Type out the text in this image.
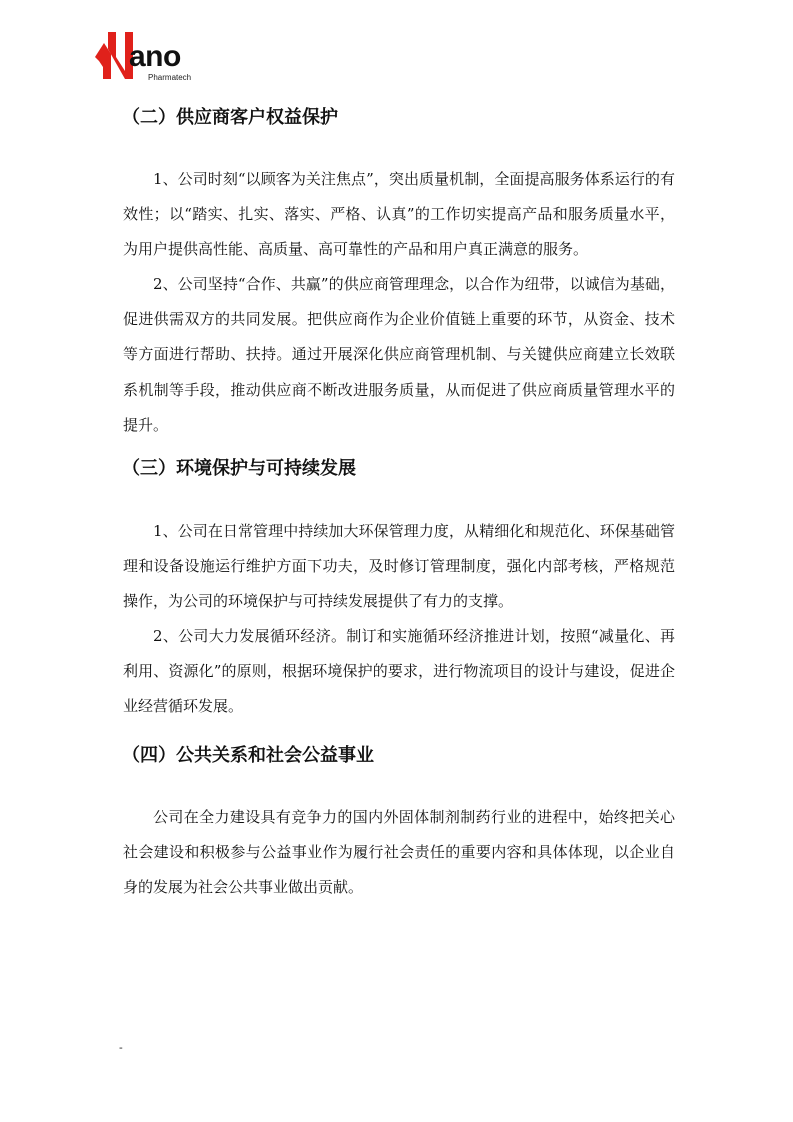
ano
Pharmatech
（二）供应商客户权益保护

1、公司时刻“以顾客为关注焦点”，突出质量机制，全面提高服务体系运行的有效性；以“踏实、扎实、落实、严格、认真”的工作切实提高产品和服务质量水平，为用户提供高性能、高质量、高可靠性的产品和用户真正满意的服务。

2、公司坚持“合作、共赢”的供应商管理理念，以合作为纽带，以诚信为基础，促进供需双方的共同发展。把供应商作为企业价值链上重要的环节，从资金、技术等方面进行帮助、扶持。通过开展深化供应商管理机制、与关键供应商建立长效联系机制等手段，推动供应商不断改进服务质量，从而促进了供应商质量管理水平的提升。

（三）环境保护与可持续发展

1、公司在日常管理中持续加大环保管理力度，从精细化和规范化、环保基础管理和设备设施运行维护方面下功夫，及时修订管理制度，强化内部考核，严格规范操作，为公司的环境保护与可持续发展提供了有力的支撑。

2、公司大力发展循环经济。制订和实施循环经济推进计划，按照“减量化、再利用、资源化”的原则，根据环境保护的要求，进行物流项目的设计与建设，促进企业经营循环发展。

（四）公共关系和社会公益事业

公司在全力建设具有竞争力的国内外固体制剂制药行业的进程中，始终把关心社会建设和积极参与公益事业作为履行社会责任的重要内容和具体体现，以企业自身的发展为社会公共事业做出贡献。

-
